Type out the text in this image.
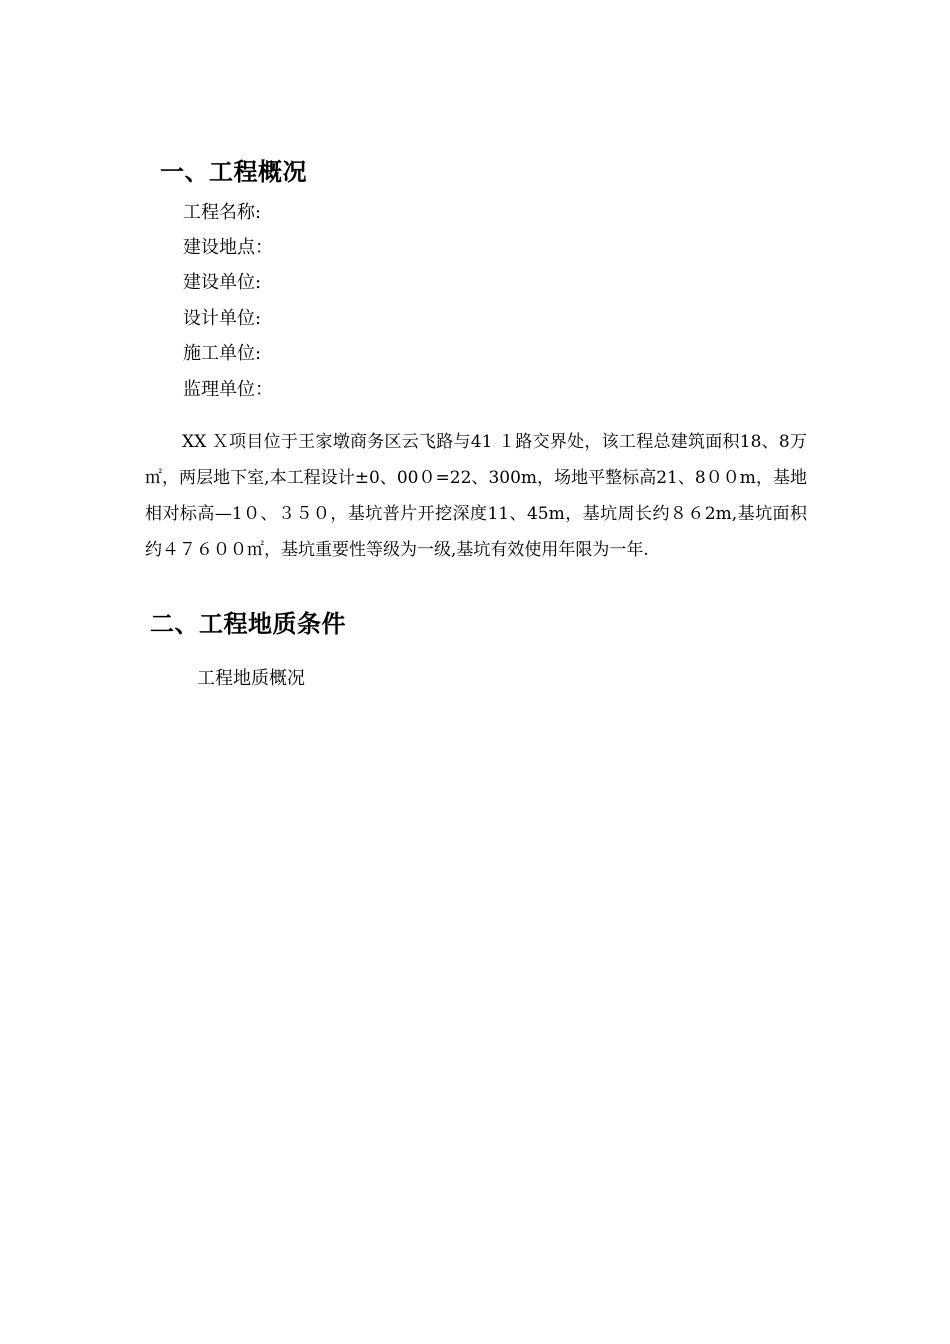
一、工程概况
工程名称:
建设地点：
建设单位:
设计单位:
施工单位:
监理单位：

XX Ｘ项目位于王家墩商务区云飞路与41 １路交界处，该工程总建筑面积18、8万㎡，两层地下室,本工程设计±0、00０=22、300m，场地平整标高21、8００m，基地相对标高—1０、３５０，基坑普片开挖深度11、45m，基坑周长约８６2m,基坑面积约４７６００㎡，基坑重要性等级为一级,基坑有效使用年限为一年.

二、工程地质条件
工程地质概况
